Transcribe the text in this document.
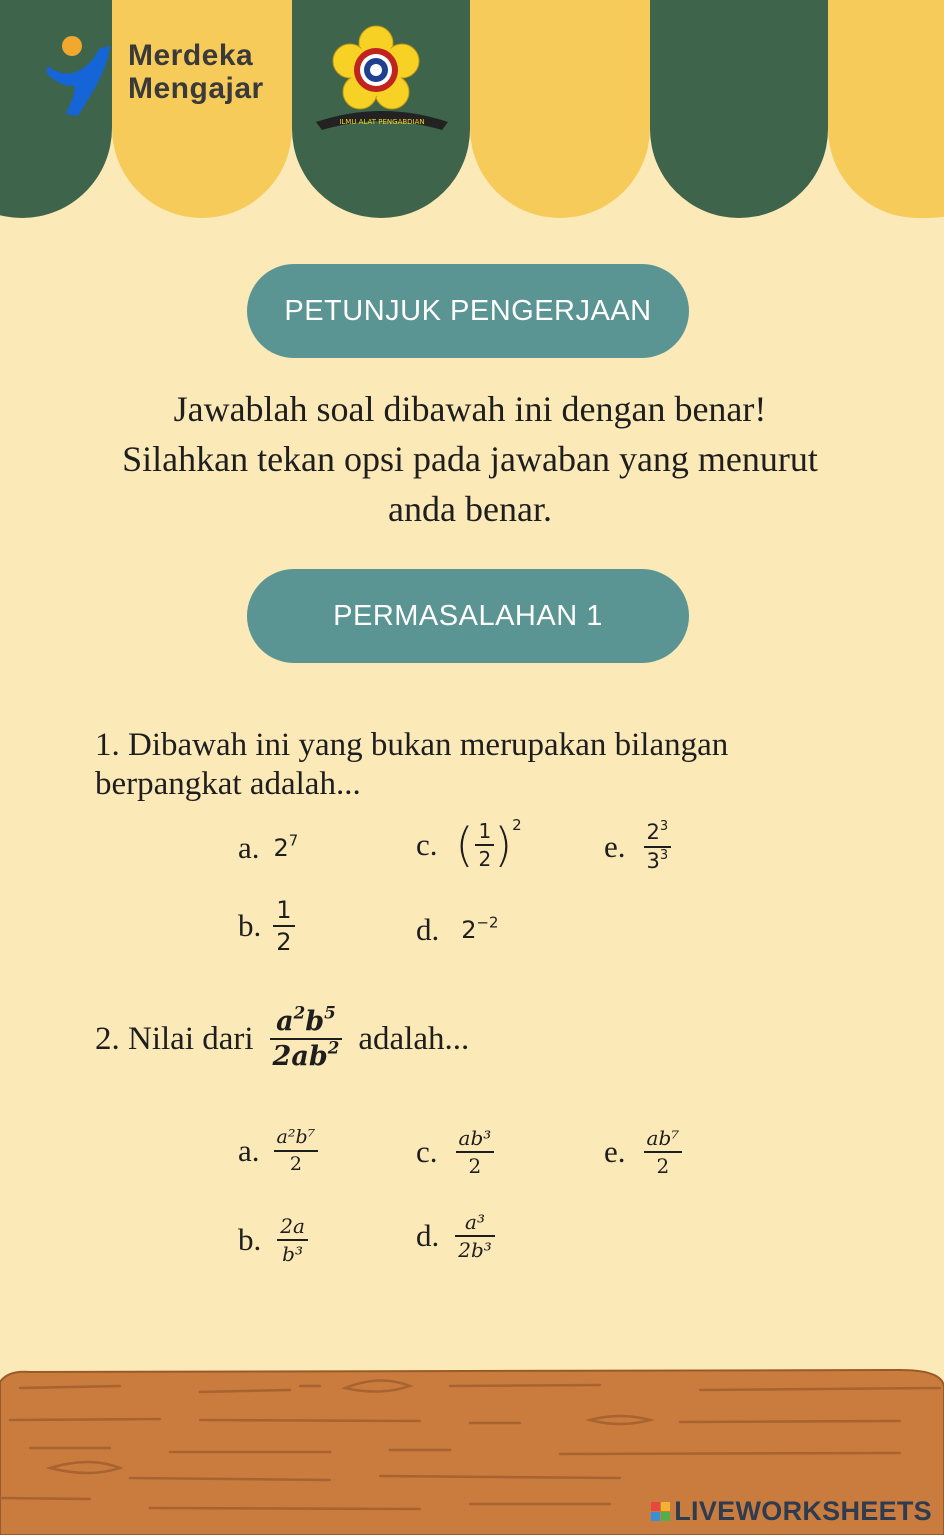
Merdeka
Mengajar
ILMU ALAT PENGABDIAN
PETUNJUK PENGERJAAN
Jawablah soal dibawah ini dengan benar!
Silahkan tekan opsi pada jawaban yang menurut
anda benar.
PERMASALAHAN 1
1. Dibawah ini yang bukan merupakan bilangan
berpangkat adalah...
a. $2^7$
b. $\frac{1}{2}$
c. ( $\frac{1}{2}$ ) 2
d. $2^{-2}$
e. $\frac{2^3}{3^3}$
2. Nilai dari $\frac{a^2b^5}{2ab^2}$ adalah...
a. $\frac{\text{a²b⁷}}{2}$
b. $\frac{2a}{\text{b³}}$
c. $\frac{\text{ab³}}{2}$
d. $\frac{\text{a³}}{\text{2b³}}$
e. $\frac{\text{ab⁷}}{2}$
LIVEWORKSHEETS
